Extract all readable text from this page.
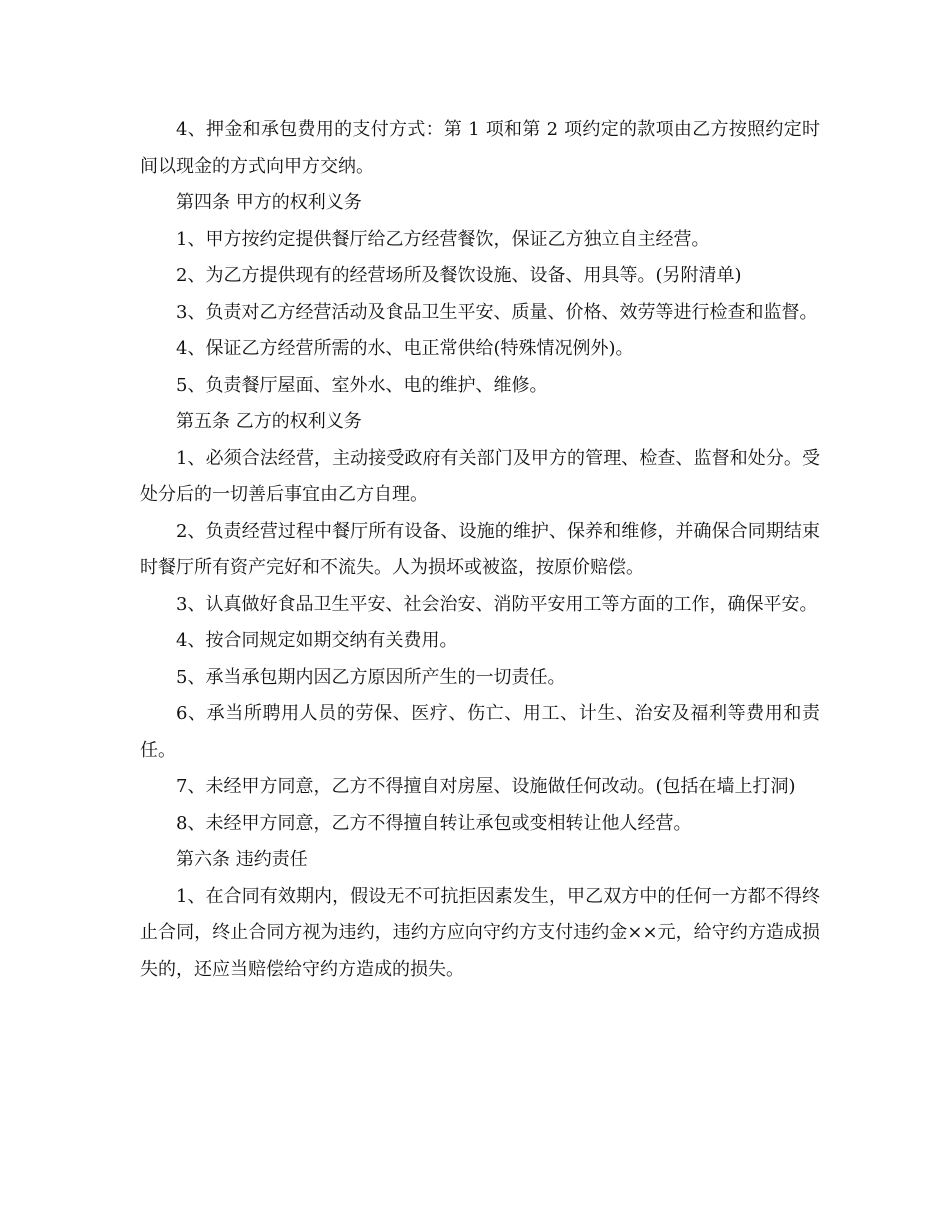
4、押金和承包费用的支付方式：第 1 项和第 2 项约定的款项由乙方按照约定时间以现金的方式向甲方交纳。

第四条 甲方的权利义务

1、甲方按约定提供餐厅给乙方经营餐饮，保证乙方独立自主经营。

2、为乙方提供现有的经营场所及餐饮设施、设备、用具等。(另附清单)

3、负责对乙方经营活动及食品卫生平安、质量、价格、效劳等进行检查和监督。

4、保证乙方经营所需的水、电正常供给(特殊情况例外)。

5、负责餐厅屋面、室外水、电的维护、维修。

第五条 乙方的权利义务

1、必须合法经营，主动接受政府有关部门及甲方的管理、检查、监督和处分。受处分后的一切善后事宜由乙方自理。

2、负责经营过程中餐厅所有设备、设施的维护、保养和维修，并确保合同期结束时餐厅所有资产完好和不流失。人为损坏或被盗，按原价赔偿。

3、认真做好食品卫生平安、社会治安、消防平安用工等方面的工作，确保平安。

4、按合同规定如期交纳有关费用。

5、承当承包期内因乙方原因所产生的一切责任。

6、承当所聘用人员的劳保、医疗、伤亡、用工、计生、治安及福利等费用和责任。

7、未经甲方同意，乙方不得擅自对房屋、设施做任何改动。(包括在墙上打洞)

8、未经甲方同意，乙方不得擅自转让承包或变相转让他人经营。

第六条 违约责任

1、在合同有效期内，假设无不可抗拒因素发生，甲乙双方中的任何一方都不得终止合同，终止合同方视为违约，违约方应向守约方支付违约金××元，给守约方造成损失的，还应当赔偿给守约方造成的损失。
